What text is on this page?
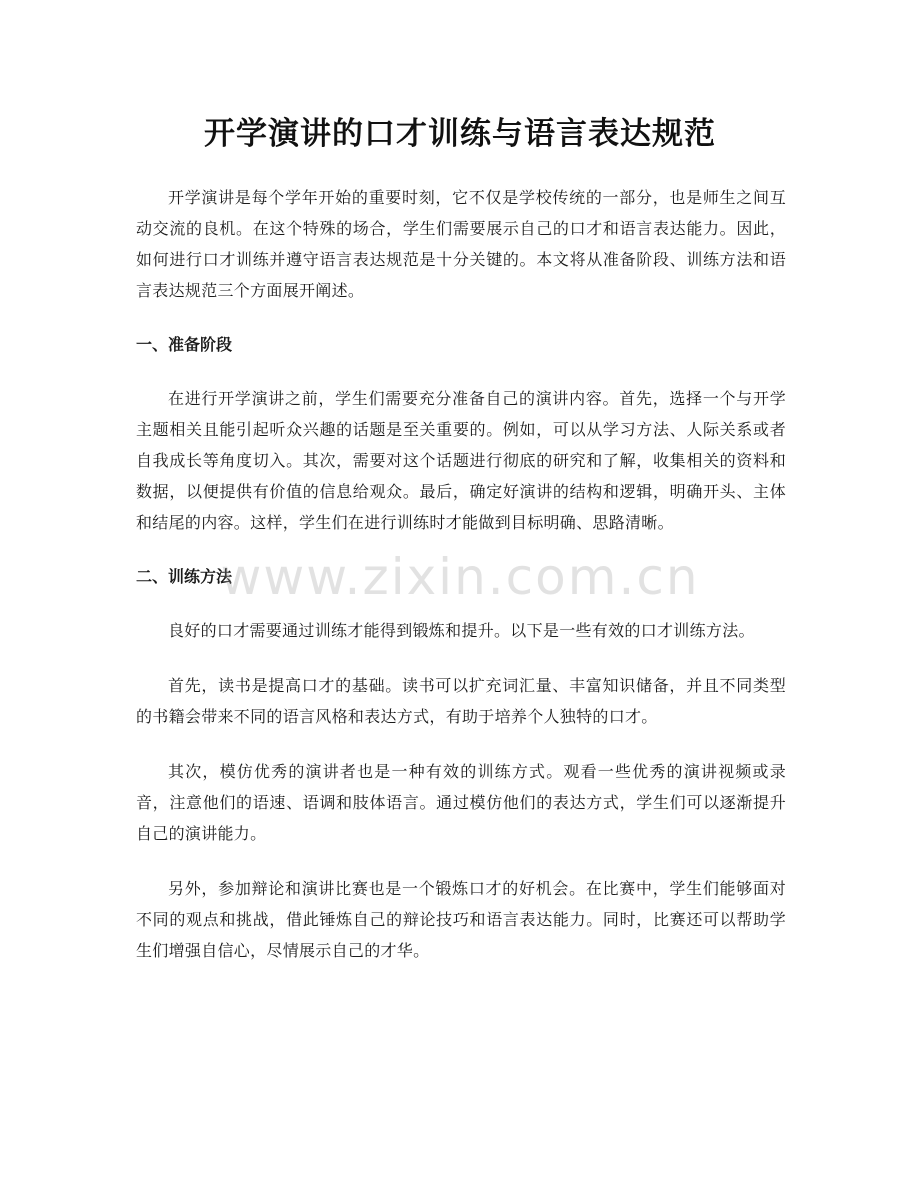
开学演讲的口才训练与语言表达规范

开学演讲是每个学年开始的重要时刻，它不仅是学校传统的一部分，也是师生之间互动交流的良机。在这个特殊的场合，学生们需要展示自己的口才和语言表达能力。因此，如何进行口才训练并遵守语言表达规范是十分关键的。本文将从准备阶段、训练方法和语言表达规范三个方面展开阐述。

一、准备阶段

在进行开学演讲之前，学生们需要充分准备自己的演讲内容。首先，选择一个与开学主题相关且能引起听众兴趣的话题是至关重要的。例如，可以从学习方法、人际关系或者自我成长等角度切入。其次，需要对这个话题进行彻底的研究和了解，收集相关的资料和数据，以便提供有价值的信息给观众。最后，确定好演讲的结构和逻辑，明确开头、主体和结尾的内容。这样，学生们在进行训练时才能做到目标明确、思路清晰。

二、训练方法

良好的口才需要通过训练才能得到锻炼和提升。以下是一些有效的口才训练方法。

首先，读书是提高口才的基础。读书可以扩充词汇量、丰富知识储备，并且不同类型的书籍会带来不同的语言风格和表达方式，有助于培养个人独特的口才。

其次，模仿优秀的演讲者也是一种有效的训练方式。观看一些优秀的演讲视频或录音，注意他们的语速、语调和肢体语言。通过模仿他们的表达方式，学生们可以逐渐提升自己的演讲能力。

另外，参加辩论和演讲比赛也是一个锻炼口才的好机会。在比赛中，学生们能够面对不同的观点和挑战，借此锤炼自己的辩论技巧和语言表达能力。同时，比赛还可以帮助学生们增强自信心，尽情展示自己的才华。

www.zixin.com.cn
